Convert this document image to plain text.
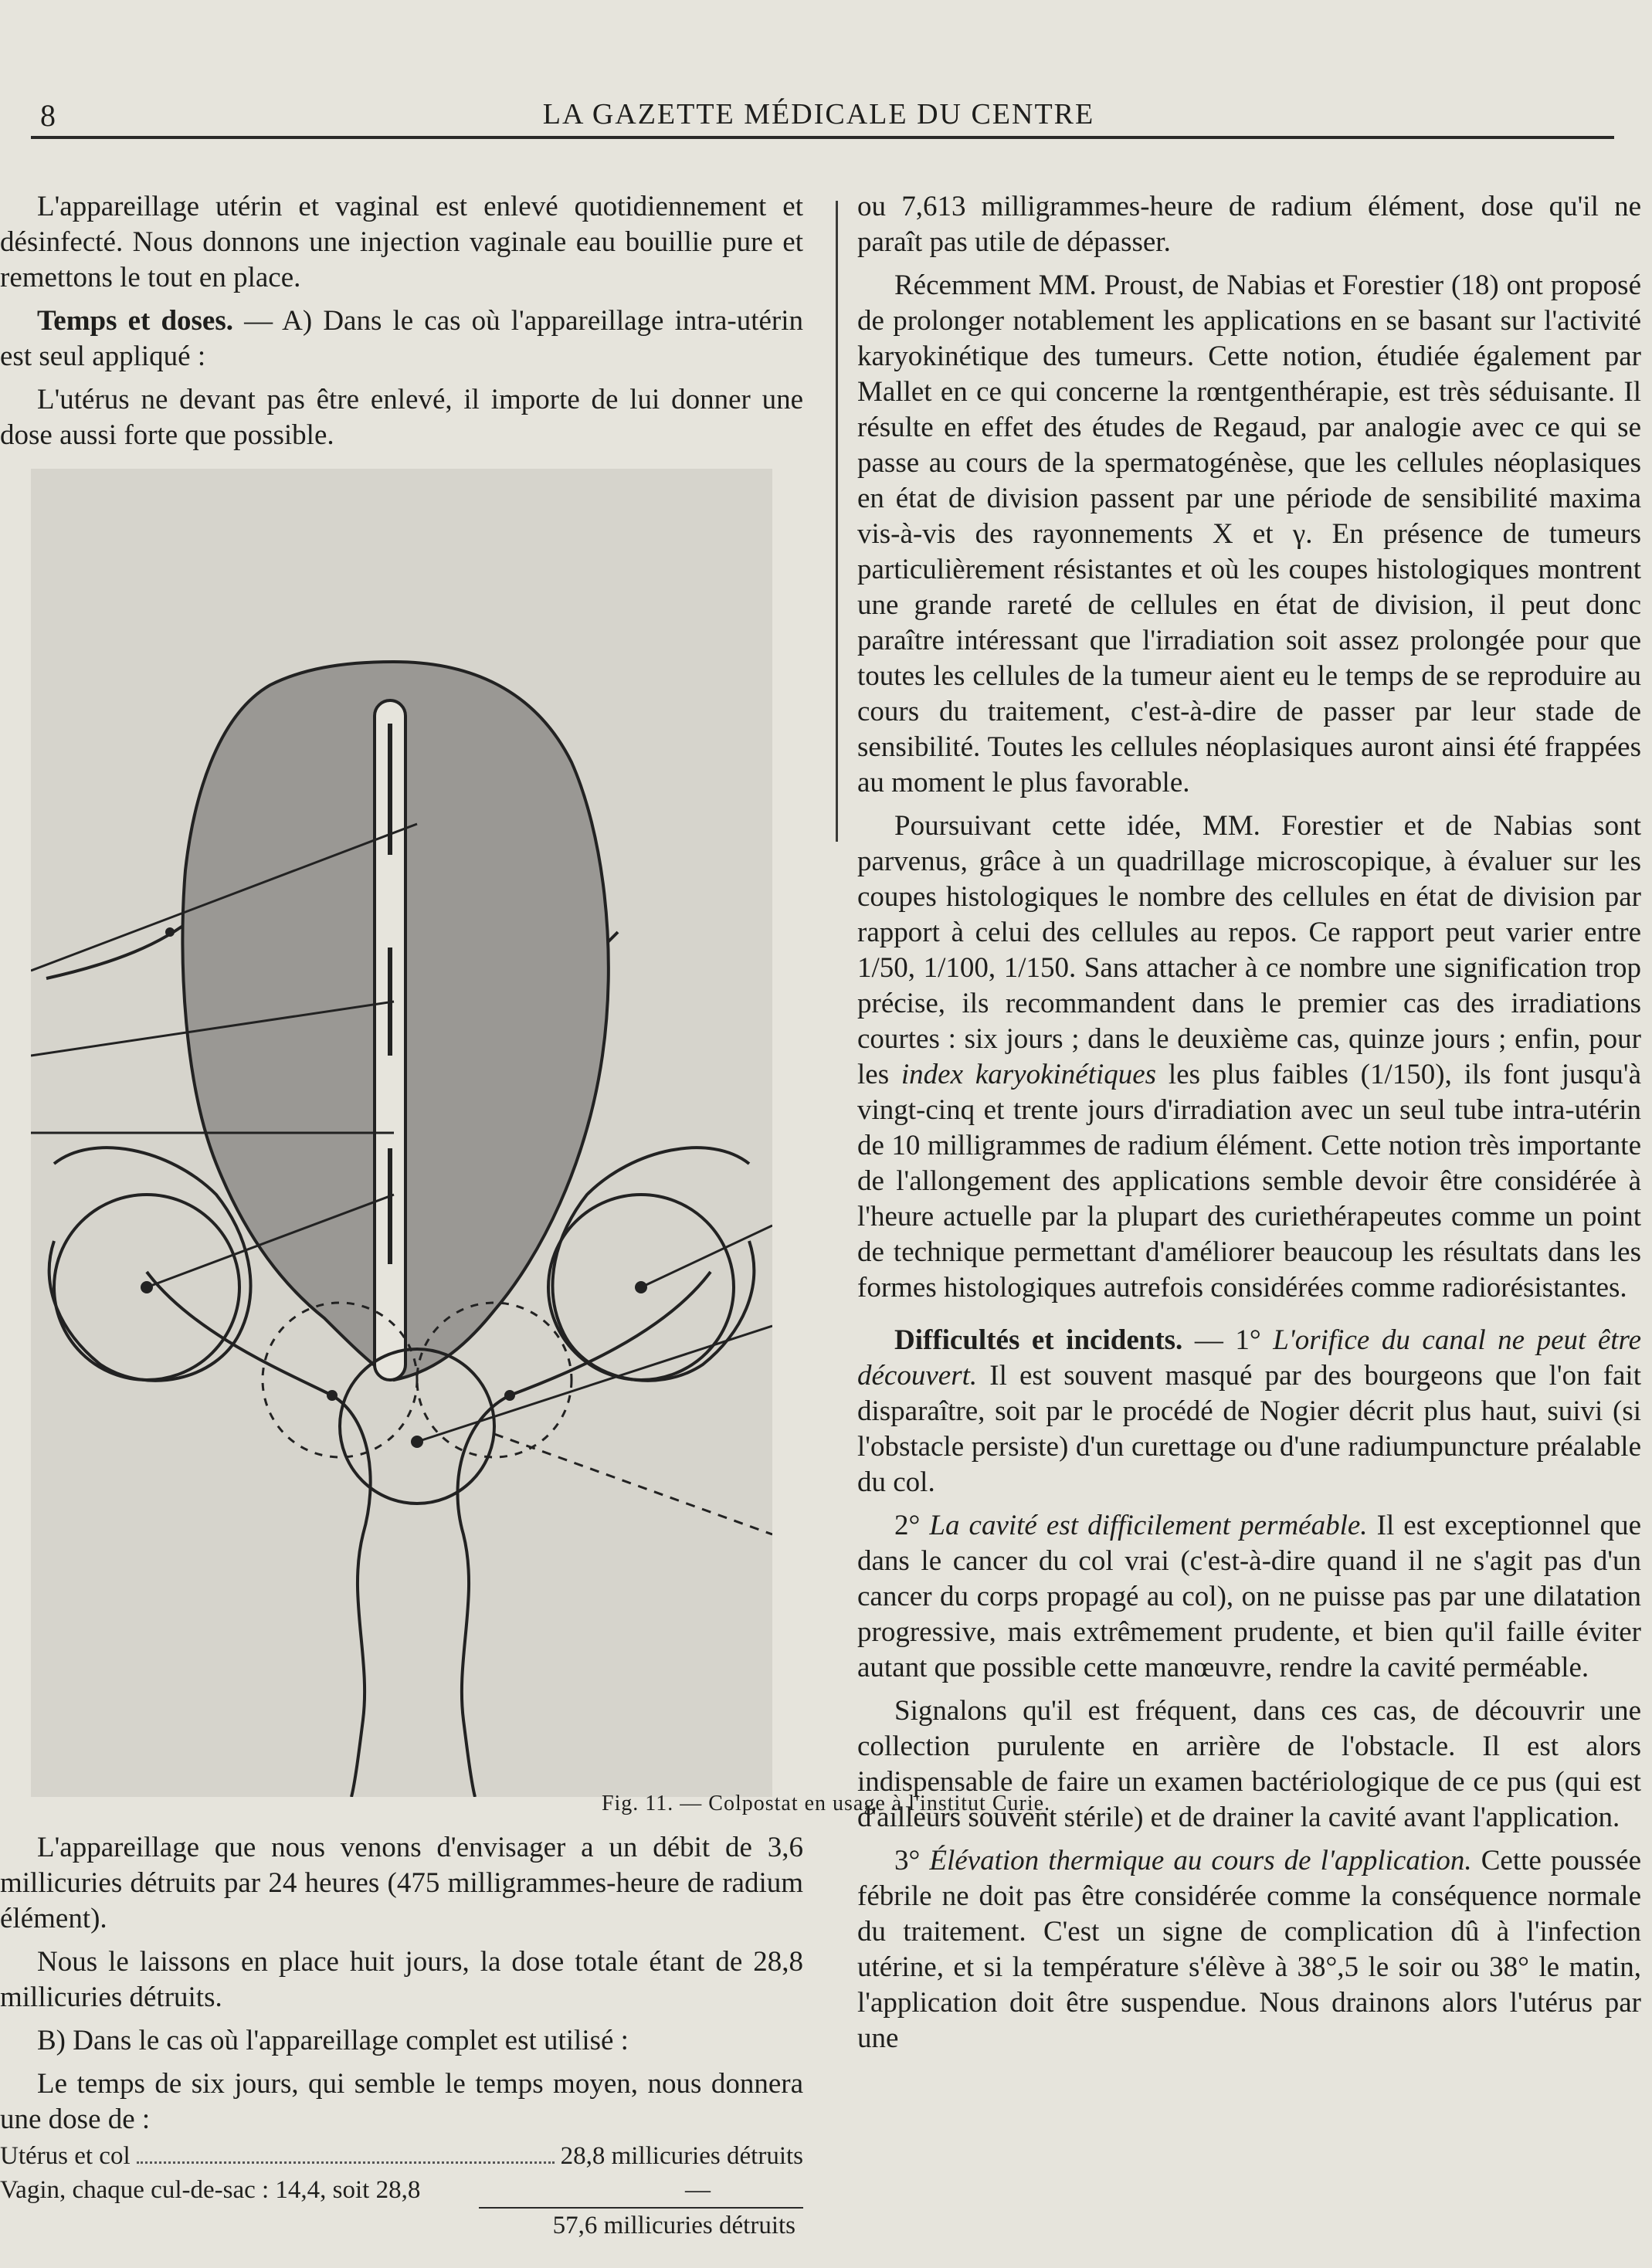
8	LA GAZETTE MÉDICALE DU CENTRE

L'appareillage utérin et vaginal est enlevé quotidiennement et désinfecté. Nous donnons une injection vaginale eau bouillie pure et remettons le tout en place.

Temps et doses. — A) Dans le cas où l'appareillage intra-utérin est seul appliqué :

L'utérus ne devant pas être enlevé, il importe de lui donner une dose aussi forte que possible.

Fig. 11. — Colpostat en usage à l'institut Curie.

L'appareillage que nous venons d'envisager a un débit de 3,6 millicuries détruits par 24 heures (475 milligrammes-heure de radium élément).

Nous le laissons en place huit jours, la dose totale étant de 28,8 millicuries détruits.

B) Dans le cas où l'appareillage complet est utilisé :

Le temps de six jours, qui semble le temps moyen, nous donnera une dose de :

Utérus et col	28,8 millicuries détruits
Vagin, chaque cul-de-sac : 14,4, soit 28,8	—
57,6 millicuries détruits

ou 7,613 milligrammes-heure de radium élément, dose qu'il ne paraît pas utile de dépasser.

Récemment MM. Proust, de Nabias et Forestier (18) ont proposé de prolonger notablement les applications en se basant sur l'activité karyokinétique des tumeurs. Cette notion, étudiée également par Mallet en ce qui concerne la rœntgenthérapie, est très séduisante. Il résulte en effet des études de Regaud, par analogie avec ce qui se passe au cours de la spermatogénèse, que les cellules néoplasiques en état de division passent par une période de sensibilité maxima vis-à-vis des rayonnements X et γ. En présence de tumeurs particulièrement résistantes et où les coupes histologiques montrent une grande rareté de cellules en état de division, il peut donc paraître intéressant que l'irradiation soit assez prolongée pour que toutes les cellules de la tumeur aient eu le temps de se reproduire au cours du traitement, c'est-à-dire de passer par leur stade de sensibilité. Toutes les cellules néoplasiques auront ainsi été frappées au moment le plus favorable.

Poursuivant cette idée, MM. Forestier et de Nabias sont parvenus, grâce à un quadrillage microscopique, à évaluer sur les coupes histologiques le nombre des cellules en état de division par rapport à celui des cellules au repos. Ce rapport peut varier entre 1/50, 1/100, 1/150. Sans attacher à ce nombre une signification trop précise, ils recommandent dans le premier cas des irradiations courtes : six jours ; dans le deuxième cas, quinze jours ; enfin, pour les index karyokinétiques les plus faibles (1/150), ils font jusqu'à vingt-cinq et trente jours d'irradiation avec un seul tube intra-utérin de 10 milligrammes de radium élément. Cette notion très importante de l'allongement des applications semble devoir être considérée à l'heure actuelle par la plupart des curiethérapeutes comme un point de technique permettant d'améliorer beaucoup les résultats dans les formes histologiques autrefois considérées comme radiorésistantes.

Difficultés et incidents. — 1° L'orifice du canal ne peut être découvert. Il est souvent masqué par des bourgeons que l'on fait disparaître, soit par le procédé de Nogier décrit plus haut, suivi (si l'obstacle persiste) d'un curettage ou d'une radiumpuncture préalable du col.

2° La cavité est difficilement perméable. Il est exceptionnel que dans le cancer du col vrai (c'est-à-dire quand il ne s'agit pas d'un cancer du corps propagé au col), on ne puisse pas par une dilatation progressive, mais extrêmement prudente, et bien qu'il faille éviter autant que possible cette manœuvre, rendre la cavité perméable.

Signalons qu'il est fréquent, dans ces cas, de découvrir une collection purulente en arrière de l'obstacle. Il est alors indispensable de faire un examen bactériologique de ce pus (qui est d'ailleurs souvent stérile) et de drainer la cavité avant l'application.

3° Élévation thermique au cours de l'application. Cette poussée fébrile ne doit pas être considérée comme la conséquence normale du traitement. C'est un signe de complication dû à l'infection utérine, et si la température s'élève à 38°,5 le soir ou 38° le matin, l'application doit être suspendue. Nous drainons alors l'utérus par une
